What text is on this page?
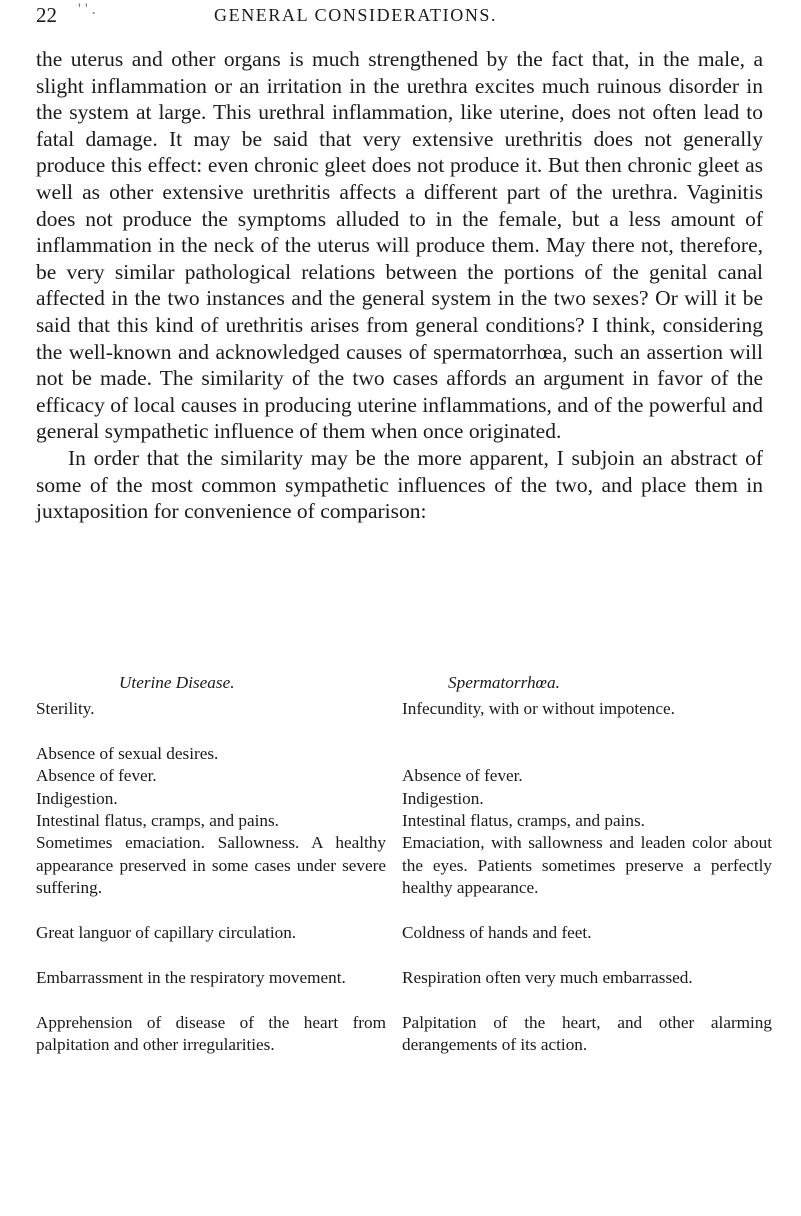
22 ' ' .	GENERAL CONSIDERATIONS.

the uterus and other organs is much strengthened by the fact that, in the male, a slight inflammation or an irritation in the urethra excites much ruinous disorder in the system at large. This urethral inflammation, like uterine, does not often lead to fatal damage. It may be said that very extensive urethritis does not generally produce this effect: even chronic gleet does not produce it. But then chronic gleet as well as other extensive urethritis affects a different part of the urethra. Vaginitis does not produce the symptoms alluded to in the female, but a less amount of inflammation in the neck of the uterus will produce them. May there not, therefore, be very similar pathological relations between the portions of the genital canal affected in the two instances and the general system in the two sexes? Or will it be said that this kind of urethritis arises from general conditions? I think, considering the well-known and acknowledged causes of spermatorrhœa, such an assertion will not be made. The similarity of the two cases affords an argument in favor of the efficacy of local causes in producing uterine inflammations, and of the powerful and general sympathetic influence of them when once originated.

In order that the similarity may be the more apparent, I subjoin an abstract of some of the most common sympathetic influences of the two, and place them in juxtaposition for convenience of comparison:

Uterine Disease.

Sterility.

Absence of sexual desires.

Absence of fever.

Indigestion.

Intestinal flatus, cramps, and pains.

Sometimes emaciation. Sallowness. A healthy appearance preserved in some cases under severe suffering.

Great languor of capillary circulation.

Embarrassment in the respiratory movement.

Apprehension of disease of the heart from palpitation and other irregularities.

Spermatorrhœa.

Infecundity, with or without impotence.

Absence of fever.

Indigestion.

Intestinal flatus, cramps, and pains.

Emaciation, with sallowness and leaden color about the eyes. Patients sometimes preserve a perfectly healthy appearance.

Coldness of hands and feet.

Respiration often very much embarrassed.

Palpitation of the heart, and other alarming derangements of its action.
